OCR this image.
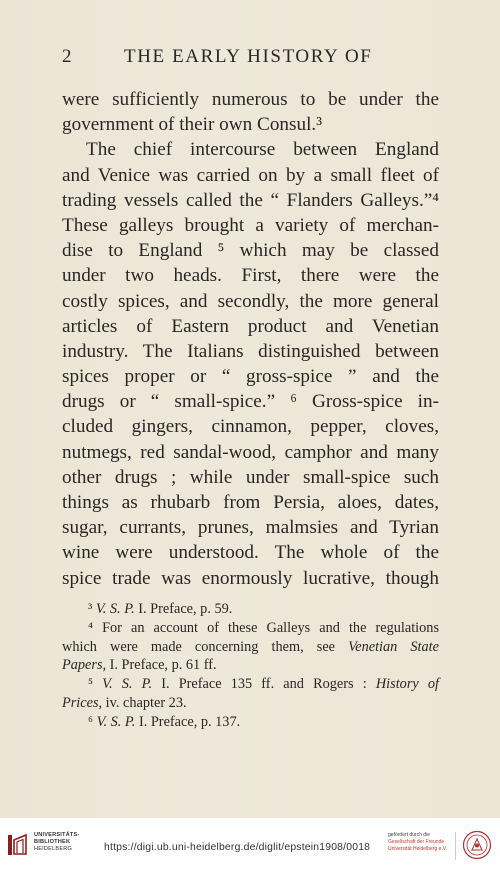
2	THE EARLY HISTORY OF
were sufficiently numerous to be under the
government of their own Consul.³
The chief intercourse between England
and Venice was carried on by a small fleet of
trading vessels called the “ Flanders Galleys.”⁴
These galleys brought a variety of merchan-
dise to England ⁵ which may be classed
under two heads. First, there were the
costly spices, and secondly, the more general
articles of Eastern product and Venetian
industry. The Italians distinguished between
spices proper or “ gross-spice ” and the
drugs or “ small-spice.” ⁶ Gross-spice in-
cluded gingers, cinnamon, pepper, cloves,
nutmegs, red sandal-wood, camphor and many
other drugs ; while under small-spice such
things as rhubarb from Persia, aloes, dates,
sugar, currants, prunes, malmsies and Tyrian
wine were understood. The whole of the
spice trade was enormously lucrative, though
³ V. S. P. I. Preface, p. 59.
⁴ For an account of these Galleys and the regulations
which were made concerning them, see Venetian State
Papers, I. Preface, p. 61 ff.
⁵ V. S. P. I. Preface 135 ff. and Rogers : History of
Prices, iv. chapter 23.
⁶ V. S. P. I. Preface, p. 137.
UNIVERSITÄTS-
BIBLIOTHEK
HEIDELBERG	https://digi.ub.uni-heidelberg.de/diglit/epstein1908/0018
gefördert durch die
Gesellschaft der Freunde
Universität Heidelberg e.V.
